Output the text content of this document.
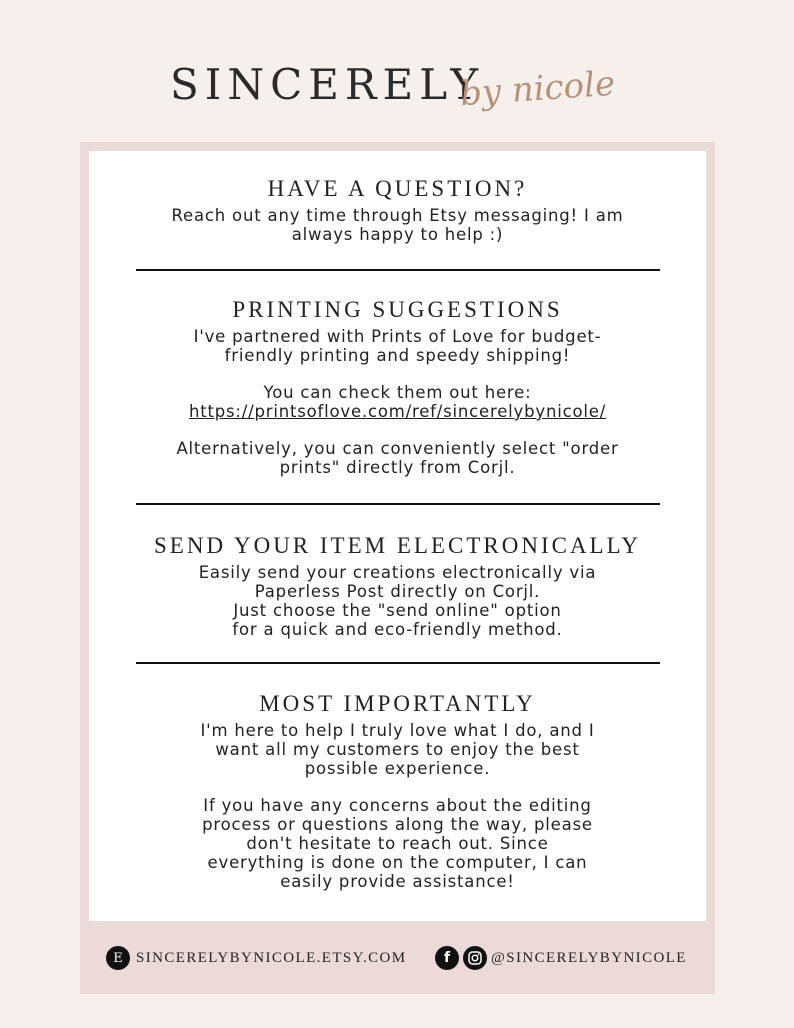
SINCERELY
by nicole
HAVE A QUESTION?

Reach out any time through Etsy messaging! I am
always happy to help :)

PRINTING SUGGESTIONS

I've partnered with Prints of Love for budget-
friendly printing and speedy shipping!

You can check them out here:

https://printsoflove.com/ref/sincerelybynicole/

Alternatively, you can conveniently select "order
prints" directly from Corjl.

SEND YOUR ITEM ELECTRONICALLY

Easily send your creations electronically via
Paperless Post directly on Corjl.
Just choose the "send online" option
for a quick and eco-friendly method.

MOST IMPORTANTLY

I'm here to help I truly love what I do, and I
want all my customers to enjoy the best
possible experience.

If you have any concerns about the editing
process or questions along the way, please
don't hesitate to reach out. Since
everything is done on the computer, I can
easily provide assistance!

E SINCERELYBYNICOLE.ETSY.COM	f	@SINCERELYBYNICOLE
